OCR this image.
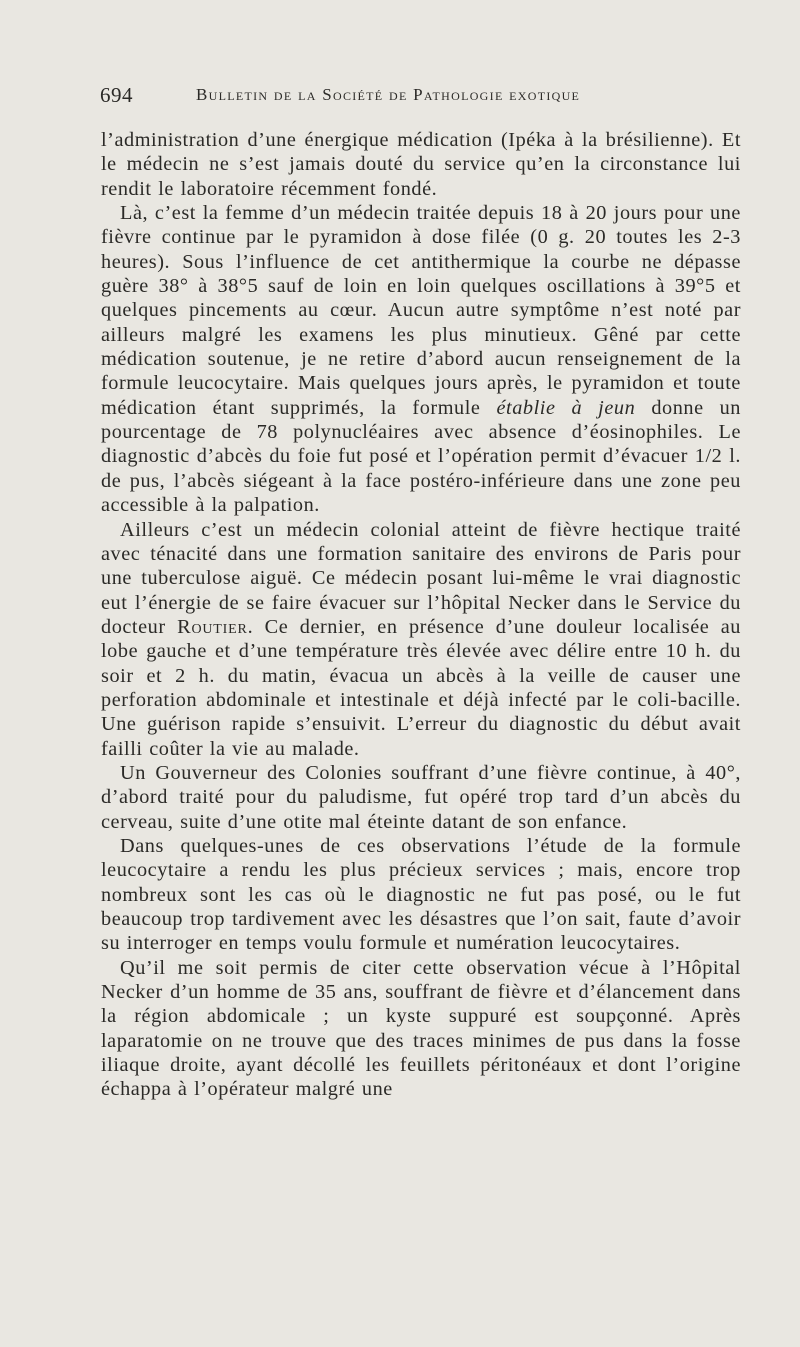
694	Bulletin de la Société de Pathologie exotique

l’administration d’une énergique médication (Ipéka à la brésilienne). Et le médecin ne s’est jamais douté du service qu’en la circonstance lui rendit le laboratoire récemment fondé.

Là, c’est la femme d’un médecin traitée depuis 18 à 20 jours pour une fièvre continue par le pyramidon à dose filée (0 g. 20 toutes les 2-3 heures). Sous l’influence de cet antithermique la courbe ne dépasse guère 38° à 38°5 sauf de loin en loin quelques oscillations à 39°5 et quelques pincements au cœur. Aucun autre symptôme n’est noté par ailleurs malgré les examens les plus minutieux. Gêné par cette médication soutenue, je ne retire d’abord aucun renseignement de la formule leucocytaire. Mais quelques jours après, le pyramidon et toute médication étant supprimés, la formule établie à jeun donne un pourcentage de 78 polynucléaires avec absence d’éosinophiles. Le diagnostic d’abcès du foie fut posé et l’opération permit d’évacuer 1/2 l. de pus, l’abcès siégeant à la face postéro-inférieure dans une zone peu accessible à la palpation.

Ailleurs c’est un médecin colonial atteint de fièvre hectique traité avec ténacité dans une formation sanitaire des environs de Paris pour une tuberculose aiguë. Ce médecin posant lui-même le vrai diagnostic eut l’énergie de se faire évacuer sur l’hôpital Necker dans le Service du docteur Routier. Ce dernier, en présence d’une douleur localisée au lobe gauche et d’une température très élevée avec délire entre 10 h. du soir et 2 h. du matin, évacua un abcès à la veille de causer une perforation abdominale et intestinale et déjà infecté par le coli-bacille. Une guérison rapide s’ensuivit. L’erreur du diagnostic du début avait failli coûter la vie au malade.

Un Gouverneur des Colonies souffrant d’une fièvre continue, à 40°, d’abord traité pour du paludisme, fut opéré trop tard d’un abcès du cerveau, suite d’une otite mal éteinte datant de son enfance.

Dans quelques-unes de ces observations l’étude de la formule leucocytaire a rendu les plus précieux services ; mais, encore trop nombreux sont les cas où le diagnostic ne fut pas posé, ou le fut beaucoup trop tardivement avec les désastres que l’on sait, faute d’avoir su interroger en temps voulu formule et numération leucocytaires.

Qu’il me soit permis de citer cette observation vécue à l’Hôpital Necker d’un homme de 35 ans, souffrant de fièvre et d’élancement dans la région abdomicale ; un kyste suppuré est soupçonné. Après laparatomie on ne trouve que des traces minimes de pus dans la fosse iliaque droite, ayant décollé les feuillets péritonéaux et dont l’origine échappa à l’opérateur malgré une
